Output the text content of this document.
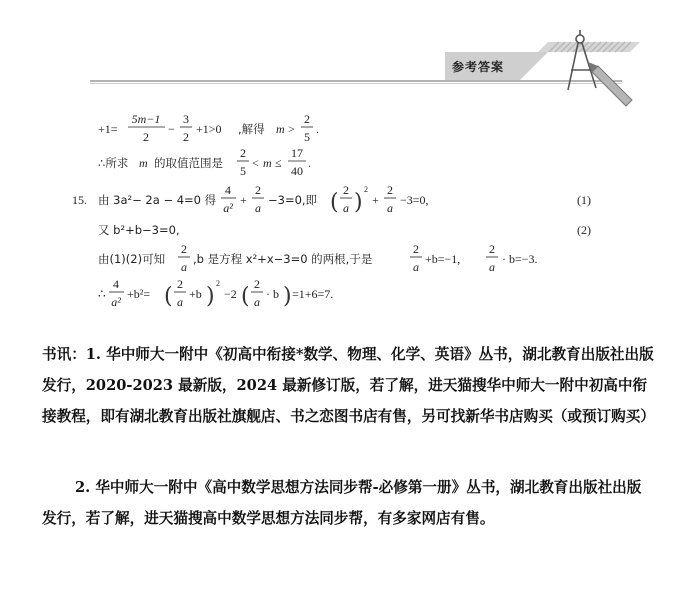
参考答案
+1=
5m−1
2
−
3
2
+1>0 ,解得 m >
2
5
.
∴所求 m 的取值范围是
2
5
< m ≤
17
40
.
15. 由 3a²− 2a − 4=0 得
4
a²
+
2
a
−3=0,即 ( 2
a )
2
+
2
a
−3=0,	(1)
又 b²+b−3=0,	(2)
由(1)(2)可知
2
a
,b 是方程 x²+x−3=0 的两根,于是
2
a
+b=−1,
2
a
· b=−3.
∴
4
a²
+b²= ( 2
a
+b )
2
−2 ( 2
a
· b ) =1+6=7.

书讯：1. 华中师大一附中《初高中衔接*数学、物理、化学、英语》丛书，湖北教育出版社出版发行，2020-2023 最新版，2024 最新修订版，若了解，进天猫搜华中师大一附中初高中衔接教程，即有湖北教育出版社旗舰店、书之恋图书店有售，另可找新华书店购买（或预订购买）

2. 华中师大一附中《高中数学思想方法同步帮-必修第一册》丛书，湖北教育出版社出版发行，若了解，进天猫搜高中数学思想方法同步帮，有多家网店有售。
